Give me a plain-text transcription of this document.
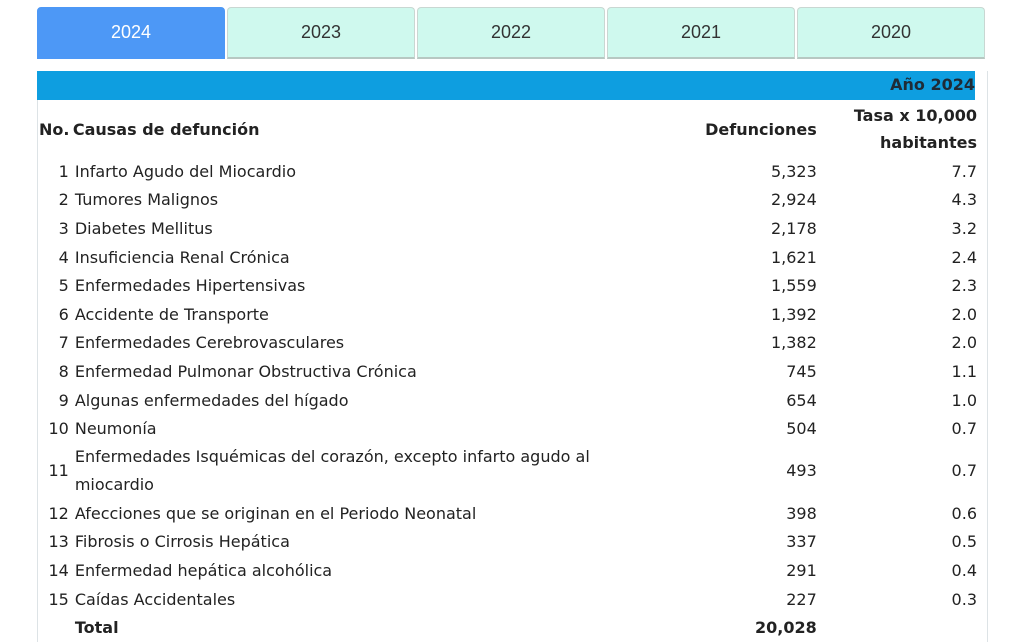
2024	2023	2022	2021	2020
Año 2024
No.	Causas de defunción	Defunciones	Tasa x 10,000
habitantes
1	Infarto Agudo del Miocardio	5,323	7.7
2	Tumores Malignos	2,924	4.3
3	Diabetes Mellitus	2,178	3.2
4	Insuficiencia Renal Crónica	1,621	2.4
5	Enfermedades Hipertensivas	1,559	2.3
6	Accidente de Transporte	1,392	2.0
7	Enfermedades Cerebrovasculares	1,382	2.0
8	Enfermedad Pulmonar Obstructiva Crónica	745	1.1
9	Algunas enfermedades del hígado	654	1.0
10	Neumonía	504	0.7
11	Enfermedades Isquémicas del corazón, excepto infarto agudo al miocardio	493	0.7
12	Afecciones que se originan en el Periodo Neonatal	398	0.6
13	Fibrosis o Cirrosis Hepática	337	0.5
14	Enfermedad hepática alcohólica	291	0.4
15	Caídas Accidentales	227	0.3
	Total	20,028	
